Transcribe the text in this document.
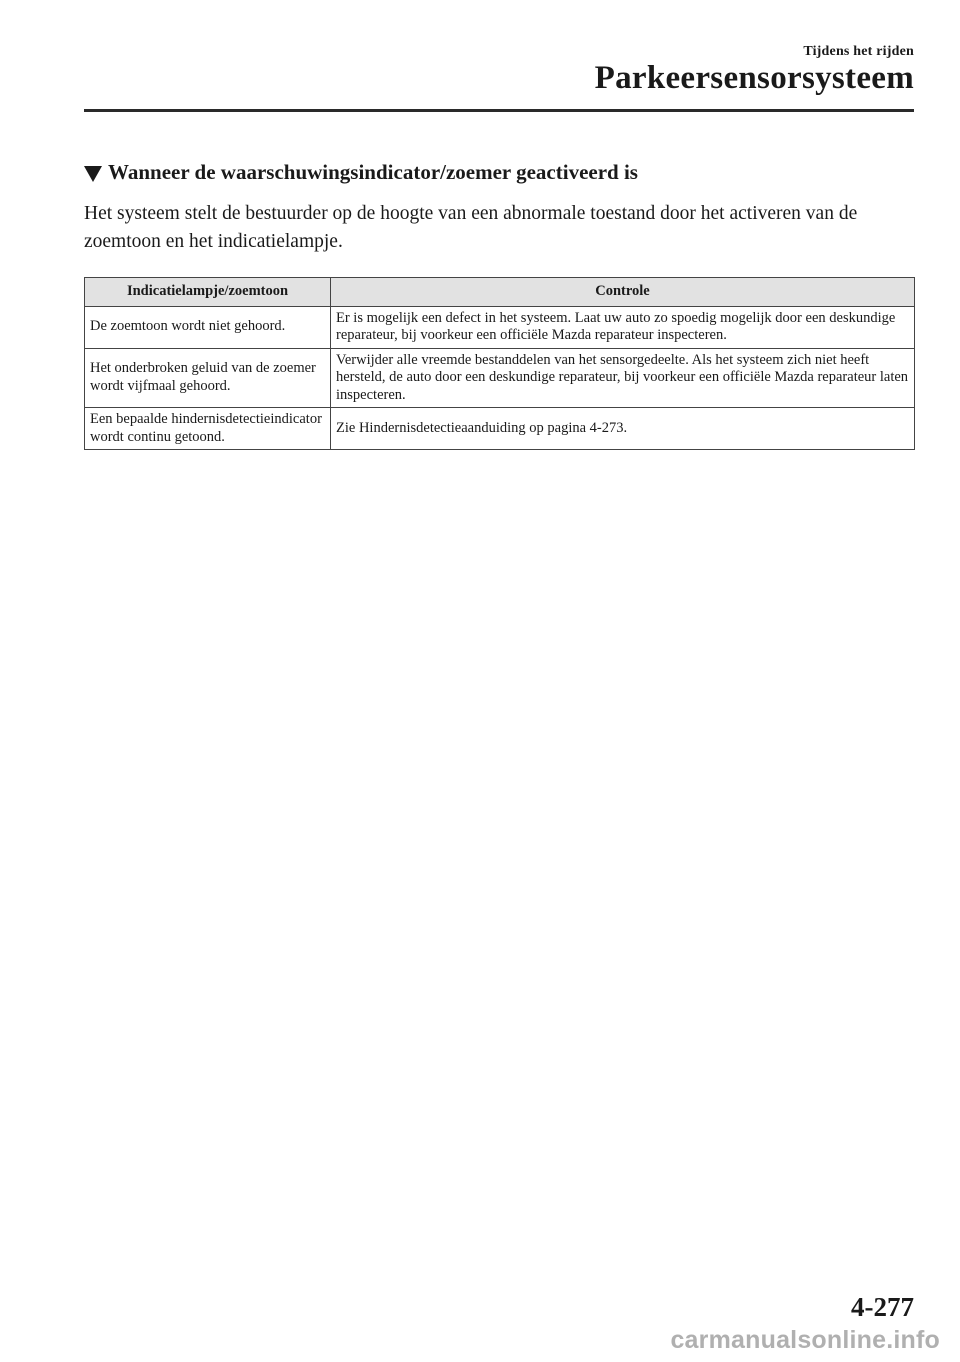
Tijdens het rijden
Parkeersensorsysteem
Wanneer de waarschuwingsindicator/zoemer geactiveerd is
Het systeem stelt de bestuurder op de hoogte van een abnormale toestand door het activeren van de zoemtoon en het indicatielampje.
Indicatielampje/zoemtoon	Controle
De zoemtoon wordt niet gehoord.	Er is mogelijk een defect in het systeem. Laat uw auto zo spoedig mogelijk door een deskundige reparateur, bij voorkeur een officiële Mazda reparateur inspecteren.
Het onderbroken geluid van de zoemer wordt vijfmaal gehoord.	Verwijder alle vreemde bestanddelen van het sensorgedeelte. Als het systeem zich niet heeft hersteld, de auto door een deskundige reparateur, bij voorkeur een officiële Mazda reparateur laten inspecteren.
Een bepaalde hindernisdetectieindicator wordt continu getoond.	Zie Hindernisdetectieaanduiding op pagina 4-273.
4-277
carmanualsonline.info
